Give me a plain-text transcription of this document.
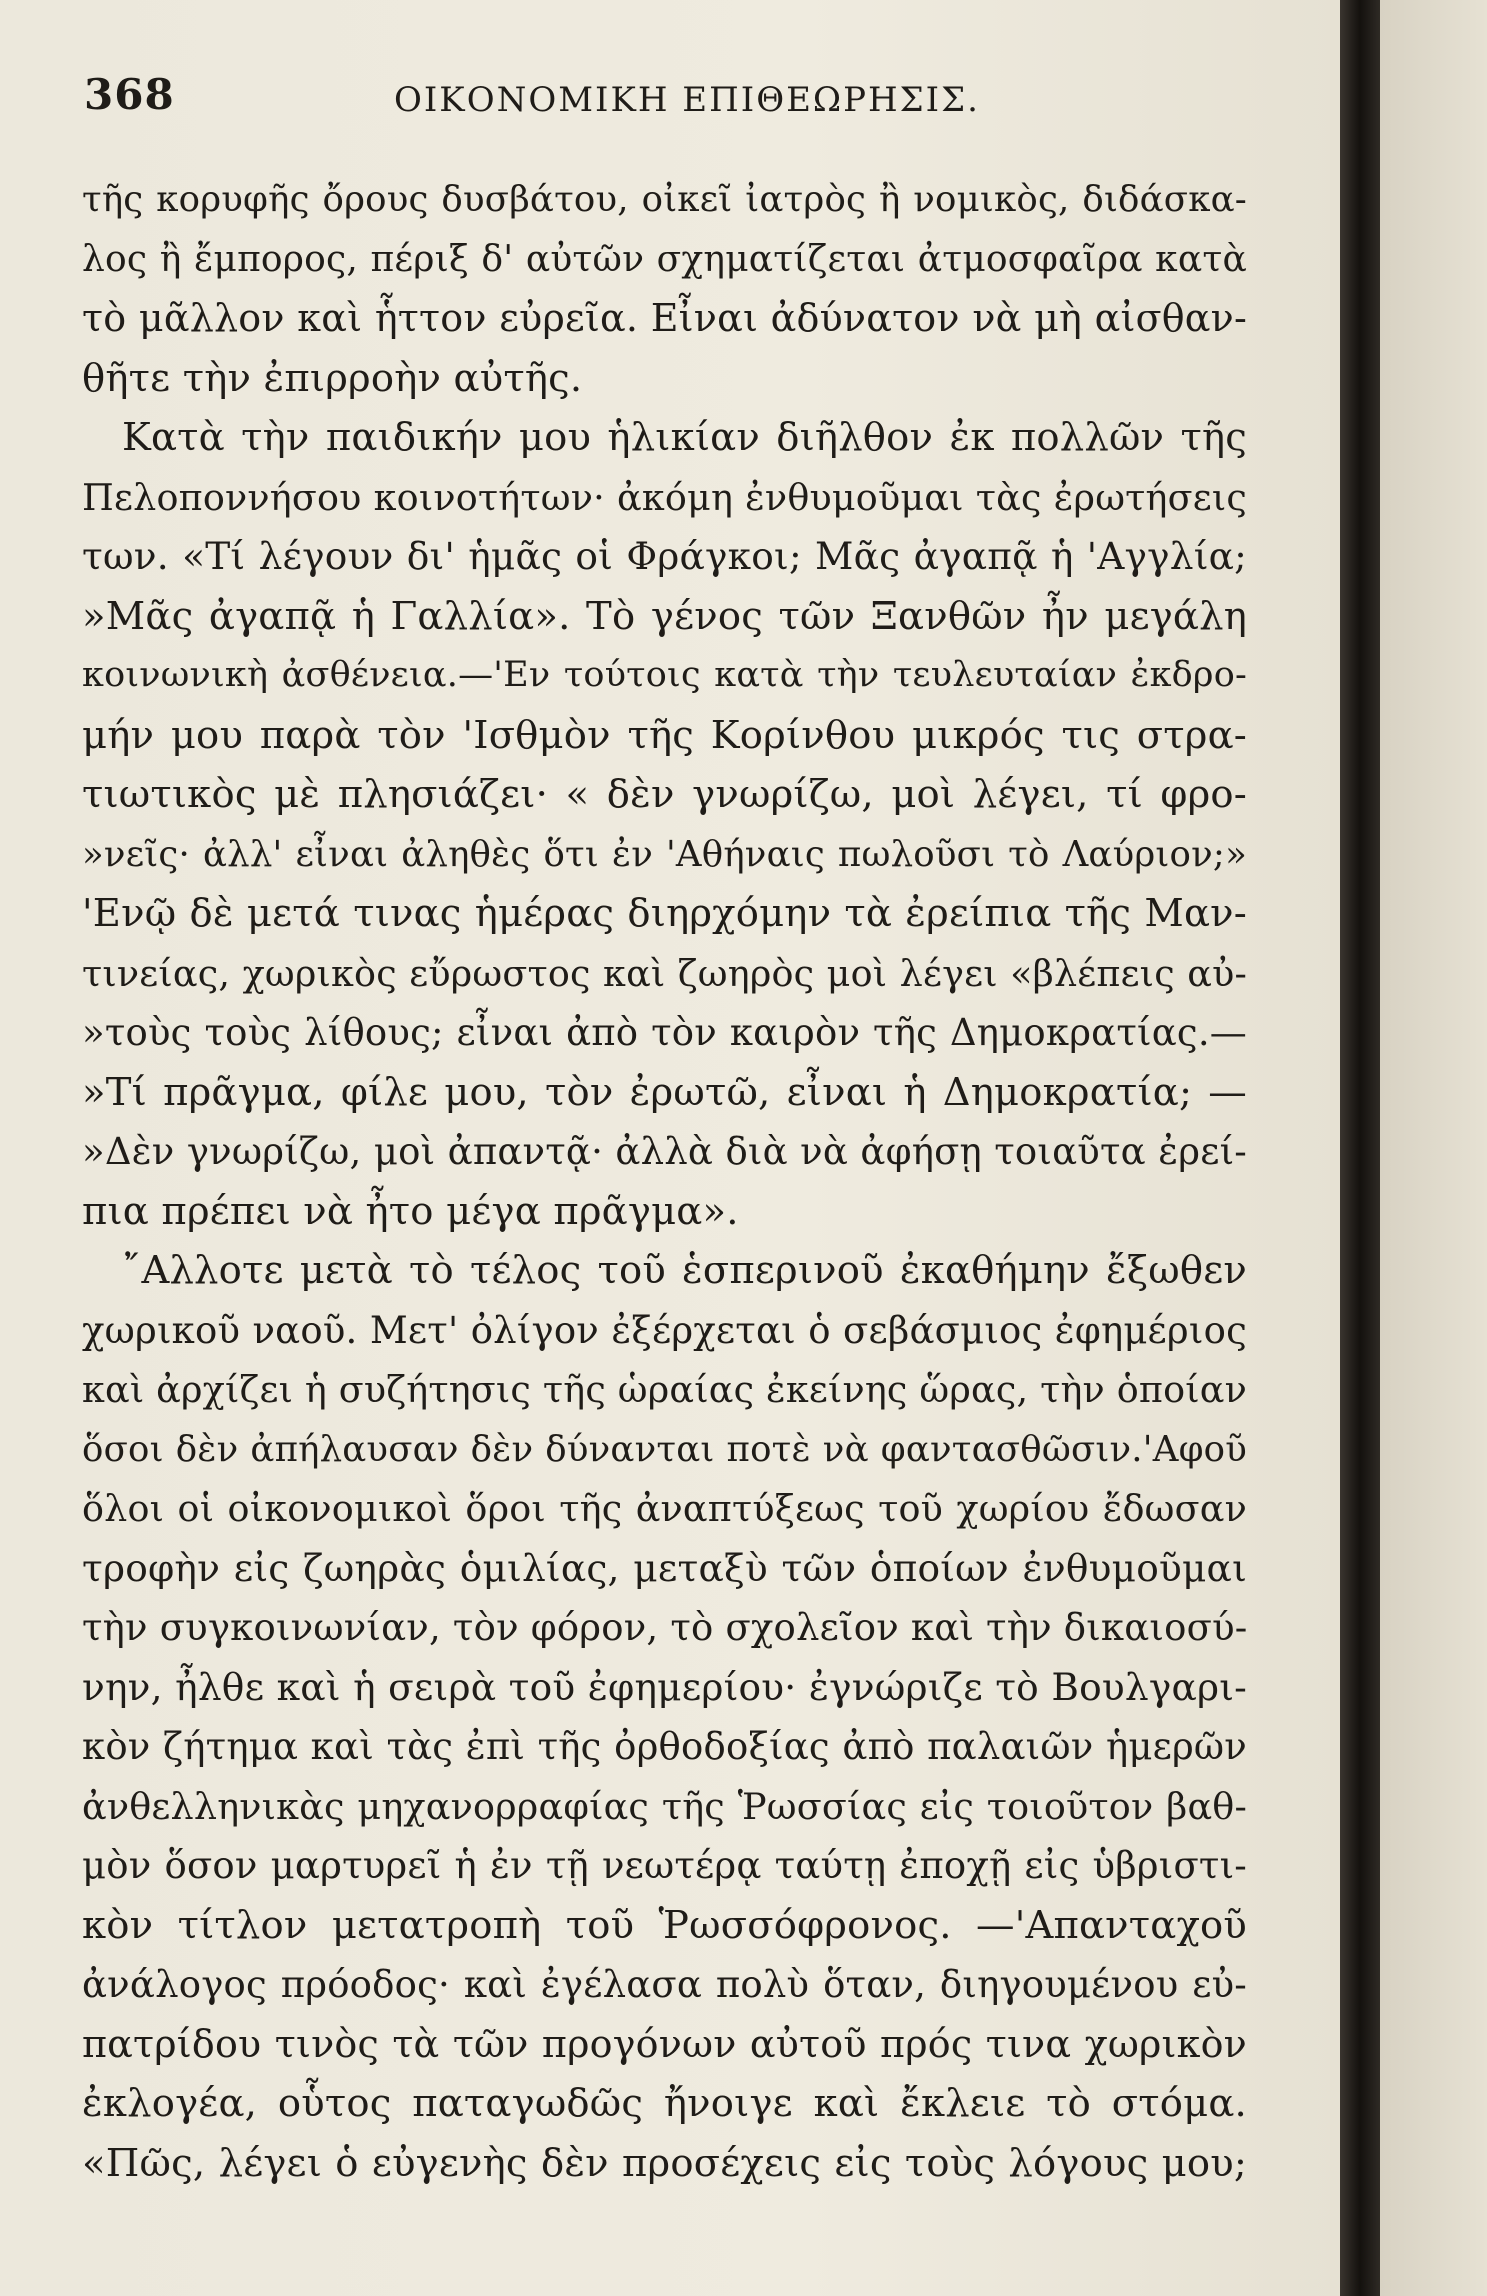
368	ΟΙΚΟΝΟΜΙΚΗ ΕΠΙΘΕΩΡΗΣΙΣ.
τῆς κορυφῆς ὄρους δυσβάτου, οἰκεῖ ἰατρὸς ἢ νομικὸς, διδάσκα-
λος ἢ ἔμπορος, πέριξ δ' αὐτῶν σχηματίζεται ἀτμοσφαῖρα κατὰ
τὸ μᾶλλον καὶ ἧττον εὐρεῖα. Εἶναι ἀδύνατον νὰ μὴ αἰσθαν-
θῆτε τὴν ἐπιρροὴν αὐτῆς.
Κατὰ τὴν παιδικήν μου ἡλικίαν διῆλθον ἐκ πολλῶν τῆς
Πελοποννήσου κοινοτήτων· ἀκόμη ἐνθυμοῦμαι τὰς ἐρωτήσεις
των. «Τί λέγουν δι' ἡμᾶς οἱ Φράγκοι; Μᾶς ἀγαπᾷ ἡ 'Αγγλία;
»Μᾶς ἀγαπᾷ ἡ Γαλλία». Τὸ γένος τῶν Ξανθῶν ἦν μεγάλη
κοινωνικὴ ἀσθένεια.—'Εν τούτοις κατὰ τὴν τευλευταίαν ἐκδρο-
μήν μου παρὰ τὸν 'Ισθμὸν τῆς Κορίνθου μικρός τις στρα-
τιωτικὸς μὲ πλησιάζει· « δὲν γνωρίζω, μοὶ λέγει, τί φρο-
»νεῖς· ἀλλ' εἶναι ἀληθὲς ὅτι ἐν 'Αθήναις πωλοῦσι τὸ Λαύριον;»
'Ενῷ δὲ μετά τινας ἡμέρας διηρχόμην τὰ ἐρείπια τῆς Μαν-
τινείας, χωρικὸς εὔρωστος καὶ ζωηρὸς μοὶ λέγει «βλέπεις αὐ-
»τοὺς τοὺς λίθους; εἶναι ἀπὸ τὸν καιρὸν τῆς Δημοκρατίας.—
»Τί πρᾶγμα, φίλε μου, τὸν ἐρωτῶ, εἶναι ἡ Δημοκρατία; —
»Δὲν γνωρίζω, μοὶ ἀπαντᾷ· ἀλλὰ διὰ νὰ ἀφήσῃ τοιαῦτα ἐρεί-
πια πρέπει νὰ ἦτο μέγα πρᾶγμα».
῎Αλλοτε μετὰ τὸ τέλος τοῦ ἑσπερινοῦ ἐκαθήμην ἔξωθεν
χωρικοῦ ναοῦ. Μετ' ὀλίγον ἐξέρχεται ὁ σεβάσμιος ἐφημέριος
καὶ ἀρχίζει ἡ συζήτησις τῆς ὡραίας ἐκείνης ὥρας, τὴν ὁποίαν
ὅσοι δὲν ἀπήλαυσαν δὲν δύνανται ποτὲ νὰ φαντασθῶσιν.'Αφοῦ
ὅλοι οἱ οἰκονομικοὶ ὅροι τῆς ἀναπτύξεως τοῦ χωρίου ἔδωσαν
τροφὴν εἰς ζωηρὰς ὁμιλίας, μεταξὺ τῶν ὁποίων ἐνθυμοῦμαι
τὴν συγκοινωνίαν, τὸν φόρον, τὸ σχολεῖον καὶ τὴν δικαιοσύ-
νην, ἦλθε καὶ ἡ σειρὰ τοῦ ἐφημερίου· ἐγνώριζε τὸ Βουλγαρι-
κὸν ζήτημα καὶ τὰς ἐπὶ τῆς ὀρθοδοξίας ἀπὸ παλαιῶν ἡμερῶν
ἀνθελληνικὰς μηχανορραφίας τῆς Ῥωσσίας εἰς τοιοῦτον βαθ-
μὸν ὅσον μαρτυρεῖ ἡ ἐν τῇ νεωτέρᾳ ταύτῃ ἐποχῇ εἰς ὑβριστι-
κὸν τίτλον μετατροπὴ τοῦ Ῥωσσόφρονος. —'Απανταχοῦ
ἀνάλογος πρόοδος· καὶ ἐγέλασα πολὺ ὅταν, διηγουμένου εὐ-
πατρίδου τινὸς τὰ τῶν προγόνων αὐτοῦ πρός τινα χωρικὸν
ἐκλογέα, οὗτος παταγωδῶς ἤνοιγε καὶ ἔκλειε τὸ στόμα.
«Πῶς, λέγει ὁ εὐγενὴς δὲν προσέχεις εἰς τοὺς λόγους μου;
